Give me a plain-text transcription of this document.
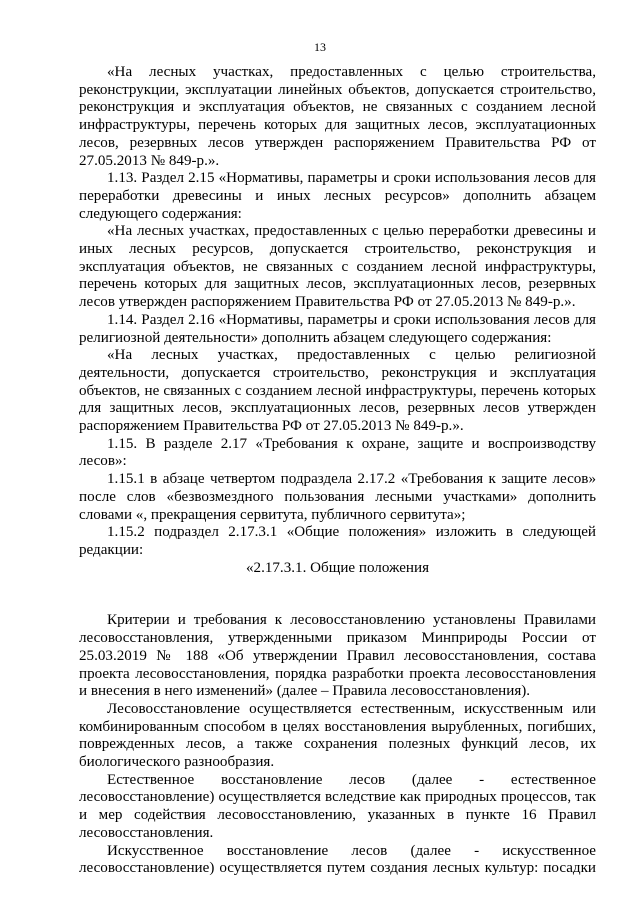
13

«На лесных участках, предоставленных с целью строительства, реконструкции, эксплуатации линейных объектов, допускается строительство, реконструкция и эксплуатация объектов, не связанных с созданием лесной инфраструктуры, перечень которых для защитных лесов, эксплуатационных лесов, резервных лесов утвержден распоряжением Правительства РФ от 27.05.2013 № 849-р.».

1.13. Раздел 2.15 «Нормативы, параметры и сроки использования лесов для переработки древесины и иных лесных ресурсов» дополнить абзацем следующего содержания:

«На лесных участках, предоставленных с целью переработки древесины и иных лесных ресурсов, допускается строительство, реконструкция и эксплуатация объектов, не связанных с созданием лесной инфраструктуры, перечень которых для защитных лесов, эксплуатационных лесов, резервных лесов утвержден распоряжением Правительства РФ от 27.05.2013 № 849-р.».

1.14. Раздел 2.16 «Нормативы, параметры и сроки использования лесов для религиозной деятельности» дополнить абзацем следующего содержания:

«На лесных участках, предоставленных с целью религиозной деятельности, допускается строительство, реконструкция и эксплуатация объектов, не связанных с созданием лесной инфраструктуры, перечень которых для защитных лесов, эксплуатационных лесов, резервных лесов утвержден распоряжением Правительства РФ от 27.05.2013 № 849-р.».

1.15. В разделе 2.17 «Требования к охране, защите и воспроизводству лесов»:

1.15.1 в абзаце четвертом подраздела 2.17.2 «Требования к защите лесов» после слов «безвозмездного пользования лесными участками» дополнить словами «, прекращения сервитута, публичного сервитута»;

1.15.2 подраздел 2.17.3.1 «Общие положения» изложить в следующей редакции:

«2.17.3.1. Общие положения

Критерии и требования к лесовосстановлению установлены Правилами лесовосстановления, утвержденными приказом Минприроды России от 25.03.2019 № 188 «Об утверждении Правил лесовосстановления, состава проекта лесовосстановления, порядка разработки проекта лесовосстановления и внесения в него изменений» (далее – Правила лесовосстановления).

Лесовосстановление осуществляется естественным, искусственным или комбинированным способом в целях восстановления вырубленных, погибших, поврежденных лесов, а также сохранения полезных функций лесов, их биологического разнообразия.

Естественное восстановление лесов (далее - естественное лесовосстановление) осуществляется вследствие как природных процессов, так и мер содействия лесовосстановлению, указанных в пункте 16 Правил лесовосстановления.

Искусственное восстановление лесов (далее - искусственное лесовосстановление) осуществляется путем создания лесных культур: посадки
